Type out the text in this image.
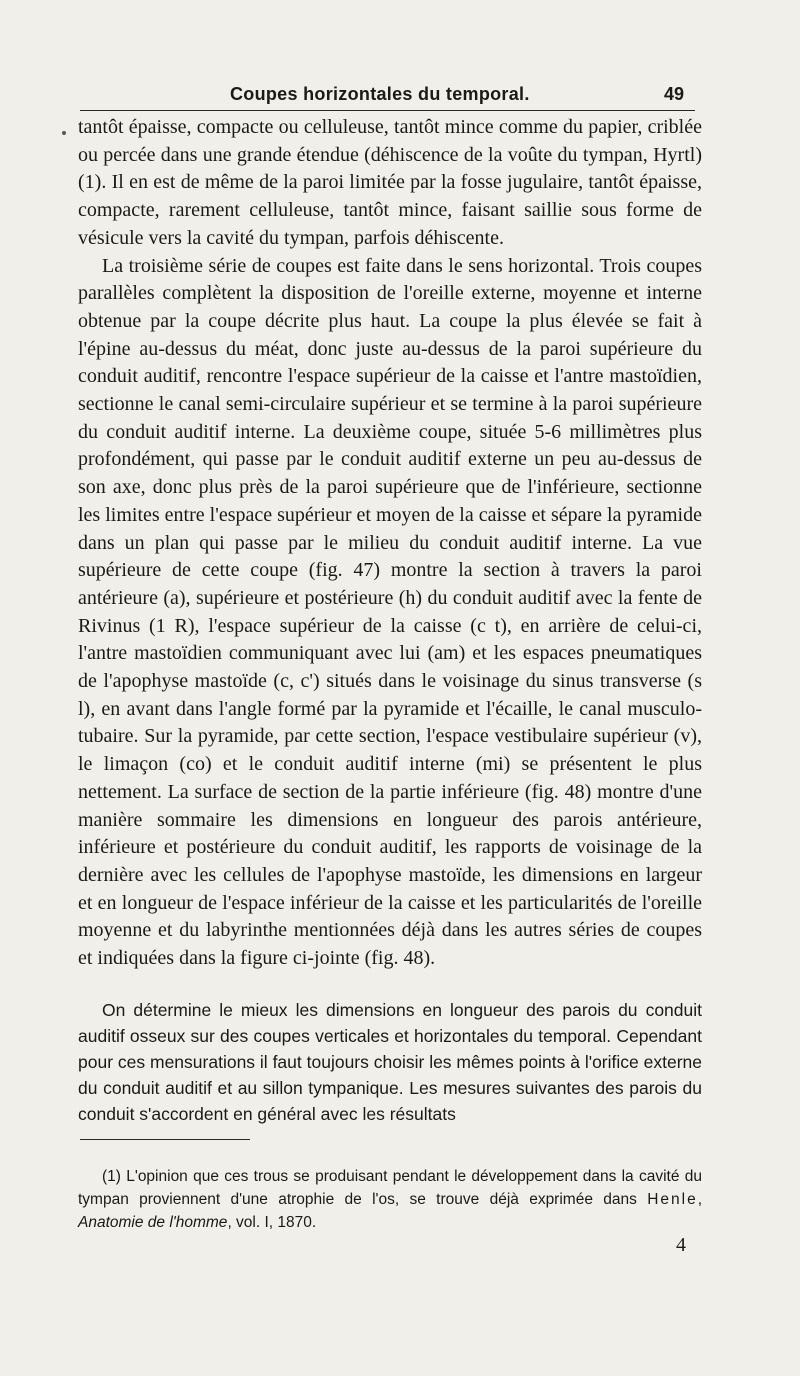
Coupes horizontales du temporal.	49

tantôt épaisse, compacte ou celluleuse, tantôt mince comme du papier, criblée ou percée dans une grande étendue (déhiscence de la voûte du tympan, Hyrtl) (1). Il en est de même de la paroi limitée par la fosse jugulaire, tantôt épaisse, compacte, rarement celluleuse, tantôt mince, faisant saillie sous forme de vésicule vers la cavité du tympan, parfois déhiscente.

La troisième série de coupes est faite dans le sens horizontal. Trois coupes parallèles complètent la disposition de l'oreille externe, moyenne et interne obtenue par la coupe décrite plus haut. La coupe la plus élevée se fait à l'épine au-dessus du méat, donc juste au-dessus de la paroi supérieure du conduit auditif, rencontre l'espace supérieur de la caisse et l'antre mastoïdien, sectionne le canal semi-circulaire supérieur et se termine à la paroi supérieure du conduit auditif interne. La deuxième coupe, située 5-6 millimètres plus profondément, qui passe par le conduit auditif externe un peu au-dessus de son axe, donc plus près de la paroi supérieure que de l'inférieure, sectionne les limites entre l'espace supérieur et moyen de la caisse et sépare la pyramide dans un plan qui passe par le milieu du conduit auditif interne. La vue supérieure de cette coupe (fig. 47) montre la section à travers la paroi antérieure (a), supérieure et postérieure (h) du conduit auditif avec la fente de Rivinus (1 R), l'espace supérieur de la caisse (c t), en arrière de celui-ci, l'antre mastoïdien communiquant avec lui (am) et les espaces pneumatiques de l'apophyse mastoïde (c, c') situés dans le voisinage du sinus transverse (s l), en avant dans l'angle formé par la pyramide et l'écaille, le canal musculo-tubaire. Sur la pyramide, par cette section, l'espace vestibulaire supérieur (v), le limaçon (co) et le conduit auditif interne (mi) se présentent le plus nettement. La surface de section de la partie inférieure (fig. 48) montre d'une manière sommaire les dimensions en longueur des parois antérieure, inférieure et postérieure du conduit auditif, les rapports de voisinage de la dernière avec les cellules de l'apophyse mastoïde, les dimensions en largeur et en longueur de l'espace inférieur de la caisse et les particularités de l'oreille moyenne et du labyrinthe mentionnées déjà dans les autres séries de coupes et indiquées dans la figure ci-jointe (fig. 48).

On détermine le mieux les dimensions en longueur des parois du conduit auditif osseux sur des coupes verticales et horizontales du temporal. Cependant pour ces mensurations il faut toujours choisir les mêmes points à l'orifice externe du conduit auditif et au sillon tympanique. Les mesures suivantes des parois du conduit s'accordent en général avec les résultats

(1) L'opinion que ces trous se produisant pendant le développement dans la cavité du tympan proviennent d'une atrophie de l'os, se trouve déjà exprimée dans Henle, Anatomie de l'homme, vol. I, 1870.

4
